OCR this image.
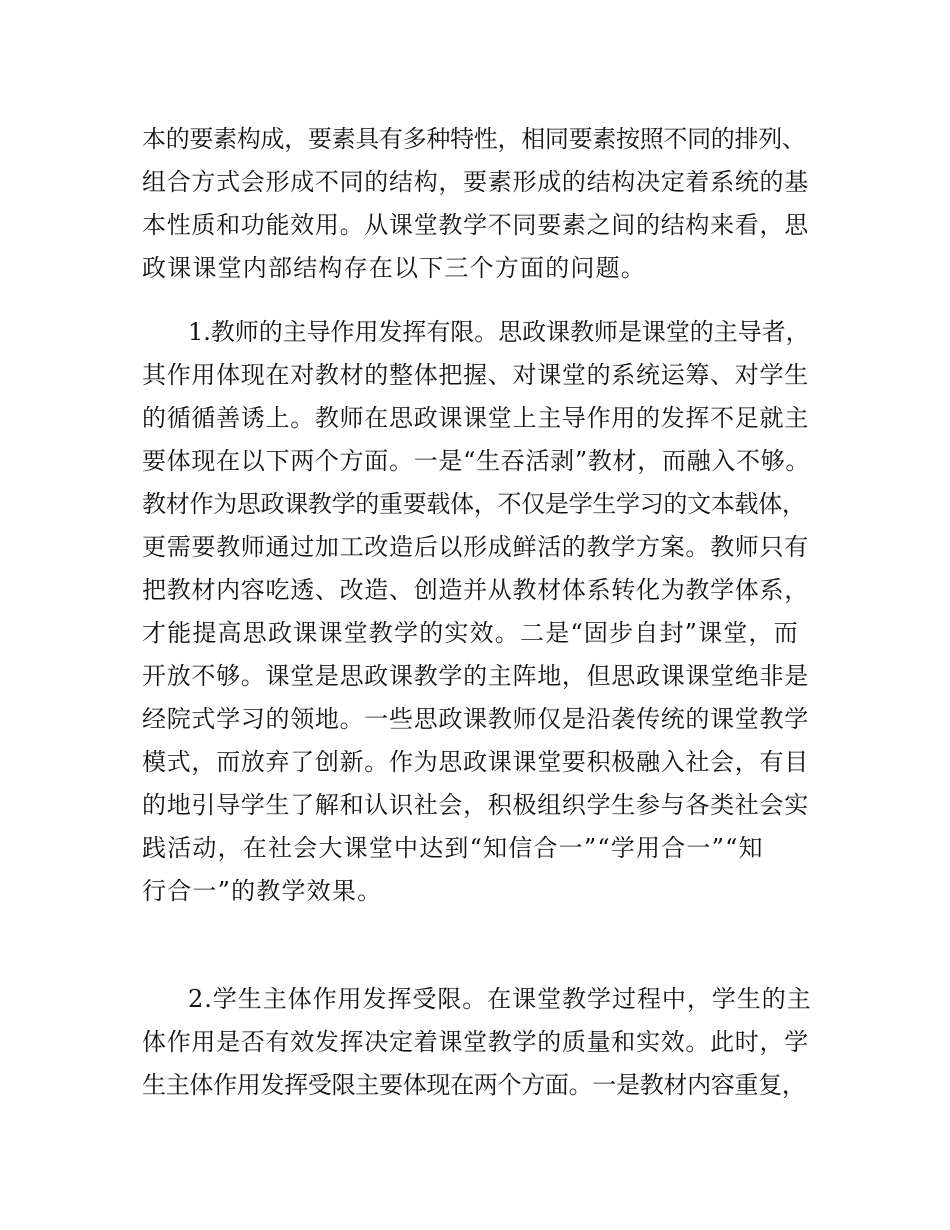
本的要素构成，要素具有多种特性，相同要素按照不同的排列、
组合方式会形成不同的结构，要素形成的结构决定着系统的基
本性质和功能效用。从课堂教学不同要素之间的结构来看，思
政课课堂内部结构存在以下三个方面的问题。
1.教师的主导作用发挥有限。思政课教师是课堂的主导者，
其作用体现在对教材的整体把握、对课堂的系统运筹、对学生
的循循善诱上。教师在思政课课堂上主导作用的发挥不足就主
要体现在以下两个方面。一是“生吞活剥”教材，而融入不够。
教材作为思政课教学的重要载体，不仅是学生学习的文本载体，
更需要教师通过加工改造后以形成鲜活的教学方案。教师只有
把教材内容吃透、改造、创造并从教材体系转化为教学体系，
才能提高思政课课堂教学的实效。二是“固步自封”课堂，而
开放不够。课堂是思政课教学的主阵地，但思政课课堂绝非是
经院式学习的领地。一些思政课教师仅是沿袭传统的课堂教学
模式，而放弃了创新。作为思政课课堂要积极融入社会，有目
的地引导学生了解和认识社会，积极组织学生参与各类社会实
践活动，在社会大课堂中达到“知信合一”“学用合一”“知
行合一”的教学效果。
2.学生主体作用发挥受限。在课堂教学过程中，学生的主
体作用是否有效发挥决定着课堂教学的质量和实效。此时，学
生主体作用发挥受限主要体现在两个方面。一是教材内容重复，
